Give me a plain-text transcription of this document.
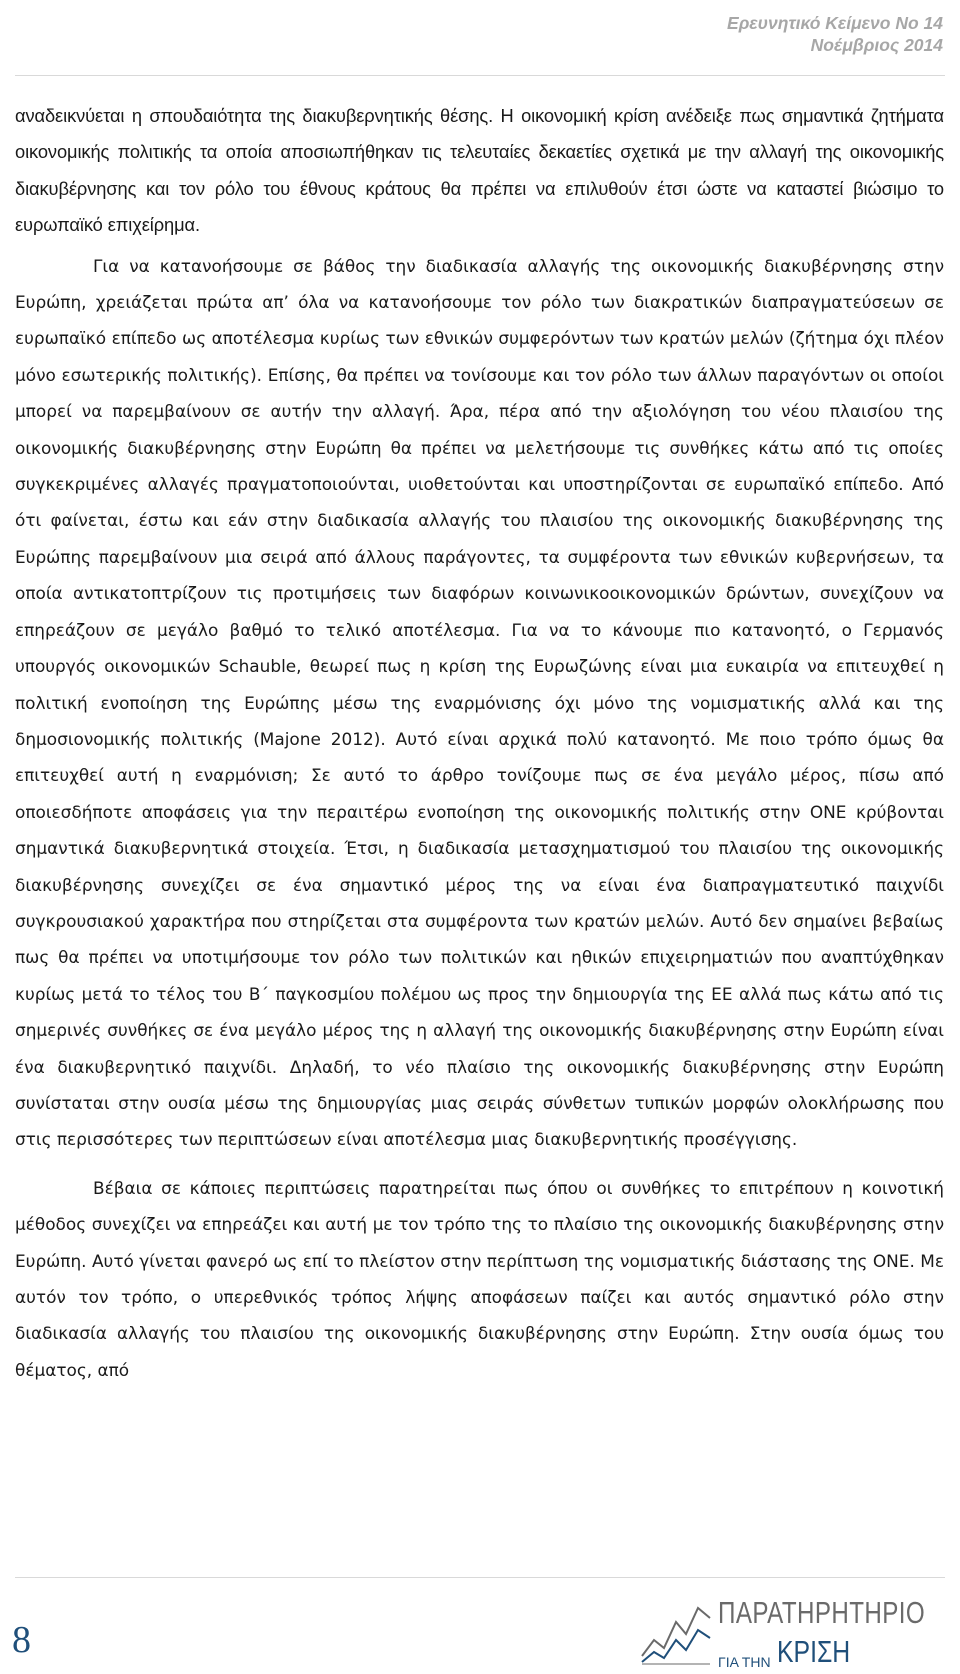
Ερευνητικό Κείμενο Νο 14
Νοέμβριος 2014

αναδεικνύεται η σπουδαιότητα της διακυβερνητικής θέσης. Η οικονομική κρίση ανέδειξε πως σημαντικά ζητήματα οικονομικής πολιτικής τα οποία αποσιωπήθηκαν τις τελευταίες δεκαετίες σχετικά με την αλλαγή της οικονομικής διακυβέρνησης και τον ρόλο του έθνους κράτους θα πρέπει να επιλυθούν έτσι ώστε να καταστεί βιώσιμο το ευρωπαϊκό επιχείρημα.

Για να κατανοήσουμε σε βάθος την διαδικασία αλλαγής της οικονομικής διακυβέρνησης στην Ευρώπη, χρειάζεται πρώτα απ’ όλα να κατανοήσουμε τον ρόλο των διακρατικών διαπραγματεύσεων σε ευρωπαϊκό επίπεδο ως αποτέλεσμα κυρίως των εθνικών συμφερόντων των κρατών μελών (ζήτημα όχι πλέον μόνο εσωτερικής πολιτικής). Επίσης, θα πρέπει να τονίσουμε και τον ρόλο των άλλων παραγόντων οι οποίοι μπορεί να παρεμβαίνουν σε αυτήν την αλλαγή. Άρα, πέρα από την αξιολόγηση του νέου πλαισίου της οικονομικής διακυβέρνησης στην Ευρώπη θα πρέπει να μελετήσουμε τις συνθήκες κάτω από τις οποίες συγκεκριμένες αλλαγές πραγματοποιούνται, υιοθετούνται και υποστηρίζονται σε ευρωπαϊκό επίπεδο. Από ότι φαίνεται, έστω και εάν στην διαδικασία αλλαγής του πλαισίου της οικονομικής διακυβέρνησης της Ευρώπης παρεμβαίνουν μια σειρά από άλλους παράγοντες, τα συμφέροντα των εθνικών κυβερνήσεων, τα οποία αντικατοπτρίζουν τις προτιμήσεις των διαφόρων κοινωνικοοικονομικών δρώντων, συνεχίζουν να επηρεάζουν σε μεγάλο βαθμό το τελικό αποτέλεσμα. Για να το κάνουμε πιο κατανοητό, ο Γερμανός υπουργός οικονομικών Schauble, θεωρεί πως η κρίση της Ευρωζώνης είναι μια ευκαιρία να επιτευχθεί η πολιτική ενοποίηση της Ευρώπης μέσω της εναρμόνισης όχι μόνο της νομισματικής αλλά και της δημοσιονομικής πολιτικής (Majone 2012). Αυτό είναι αρχικά πολύ κατανοητό. Με ποιο τρόπο όμως θα επιτευχθεί αυτή η εναρμόνιση; Σε αυτό το άρθρο τονίζουμε πως σε ένα μεγάλο μέρος, πίσω από οποιεσδήποτε αποφάσεις για την περαιτέρω ενοποίηση της οικονομικής πολιτικής στην ΟΝΕ κρύβονται σημαντικά διακυβερνητικά στοιχεία. Έτσι, η διαδικασία μετασχηματισμού του πλαισίου της οικονομικής διακυβέρνησης συνεχίζει σε ένα σημαντικό μέρος της να είναι ένα διαπραγματευτικό παιχνίδι συγκρουσιακού χαρακτήρα που στηρίζεται στα συμφέροντα των κρατών μελών. Αυτό δεν σημαίνει βεβαίως πως θα πρέπει να υποτιμήσουμε τον ρόλο των πολιτικών και ηθικών επιχειρηματιών που αναπτύχθηκαν κυρίως μετά το τέλος του Β΄ παγκοσμίου πολέμου ως προς την δημιουργία της ΕΕ αλλά πως κάτω από τις σημερινές συνθήκες σε ένα μεγάλο μέρος της η αλλαγή της οικονομικής διακυβέρνησης στην Ευρώπη είναι ένα διακυβερνητικό παιχνίδι. Δηλαδή, το νέο πλαίσιο της οικονομικής διακυβέρνησης στην Ευρώπη συνίσταται στην ουσία μέσω της δημιουργίας μιας σειράς σύνθετων τυπικών μορφών ολοκλήρωσης που στις περισσότερες των περιπτώσεων είναι αποτέλεσμα μιας διακυβερνητικής προσέγγισης.

Βέβαια σε κάποιες περιπτώσεις παρατηρείται πως όπου οι συνθήκες το επιτρέπουν η κοινοτική μέθοδος συνεχίζει να επηρεάζει και αυτή με τον τρόπο της το πλαίσιο της οικονομικής διακυβέρνησης στην Ευρώπη. Αυτό γίνεται φανερό ως επί το πλείστον στην περίπτωση της νομισματικής διάστασης της ΟΝΕ. Με αυτόν τον τρόπο, ο υπερεθνικός τρόπος λήψης αποφάσεων παίζει και αυτός σημαντικό ρόλο στην διαδικασία αλλαγής του πλαισίου της οικονομικής διακυβέρνησης στην Ευρώπη. Στην ουσία όμως του θέματος, από

8
ΠΑΡΑΤΗΡΗΤΗΡΙΟ
ΓΙΑ ΤΗΝ ΚΡΙΣΗ
